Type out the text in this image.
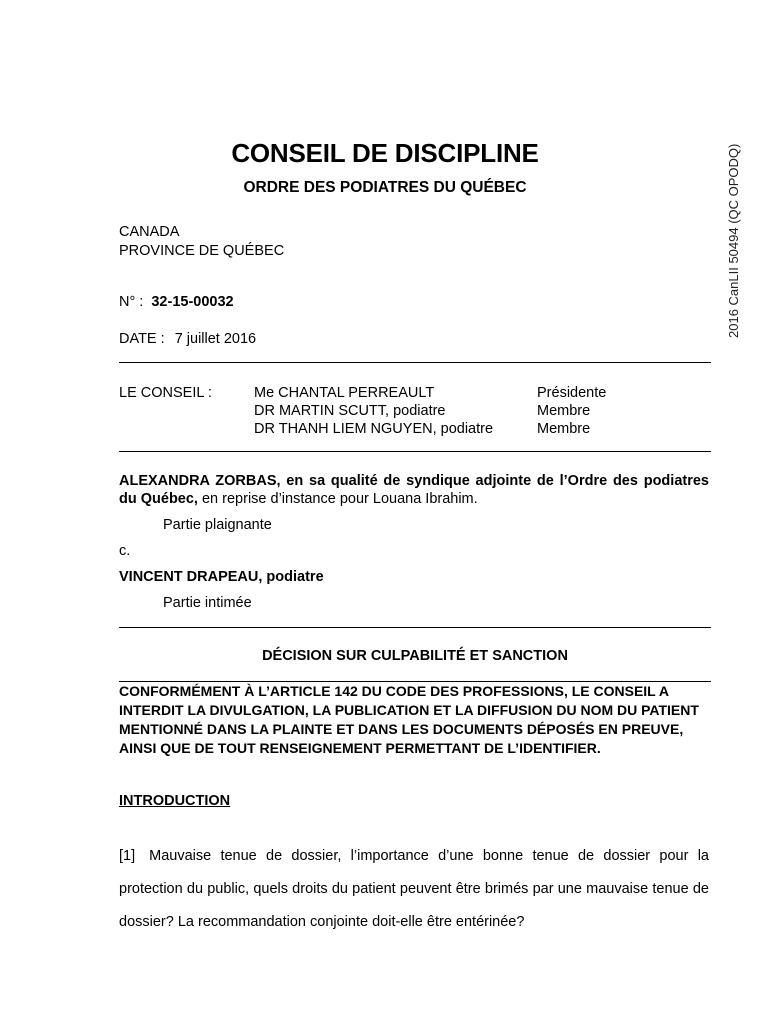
CONSEIL DE DISCIPLINE
ORDRE DES PODIATRES DU QUÉBEC	2016 CanLII 50494 (QC OPODQ)
CANADA
PROVINCE DE QUÉBEC
N° : 32-15-00032
DATE : 7 juillet 2016
LE CONSEIL :	Me CHANTAL PERREAULT	Présidente
DR MARTIN SCUTT, podiatre	Membre
DR THANH LIEM NGUYEN, podiatre	Membre
ALEXANDRA ZORBAS, en sa qualité de syndique adjointe de l’Ordre des podiatres du Québec, en reprise d’instance pour Louana Ibrahim.
Partie plaignante
c.
VINCENT DRAPEAU, podiatre
Partie intimée
DÉCISION SUR CULPABILITÉ ET SANCTION
CONFORMÉMENT À L’ARTICLE 142 DU CODE DES PROFESSIONS, LE CONSEIL A INTERDIT LA DIVULGATION, LA PUBLICATION ET LA DIFFUSION DU NOM DU PATIENT MENTIONNÉ DANS LA PLAINTE ET DANS LES DOCUMENTS DÉPOSÉS EN PREUVE, AINSI QUE DE TOUT RENSEIGNEMENT PERMETTANT DE L’IDENTIFIER.
INTRODUCTION
[1] Mauvaise tenue de dossier, l’importance d’une bonne tenue de dossier pour la protection du public, quels droits du patient peuvent être brimés par une mauvaise tenue de dossier? La recommandation conjointe doit-elle être entérinée?
